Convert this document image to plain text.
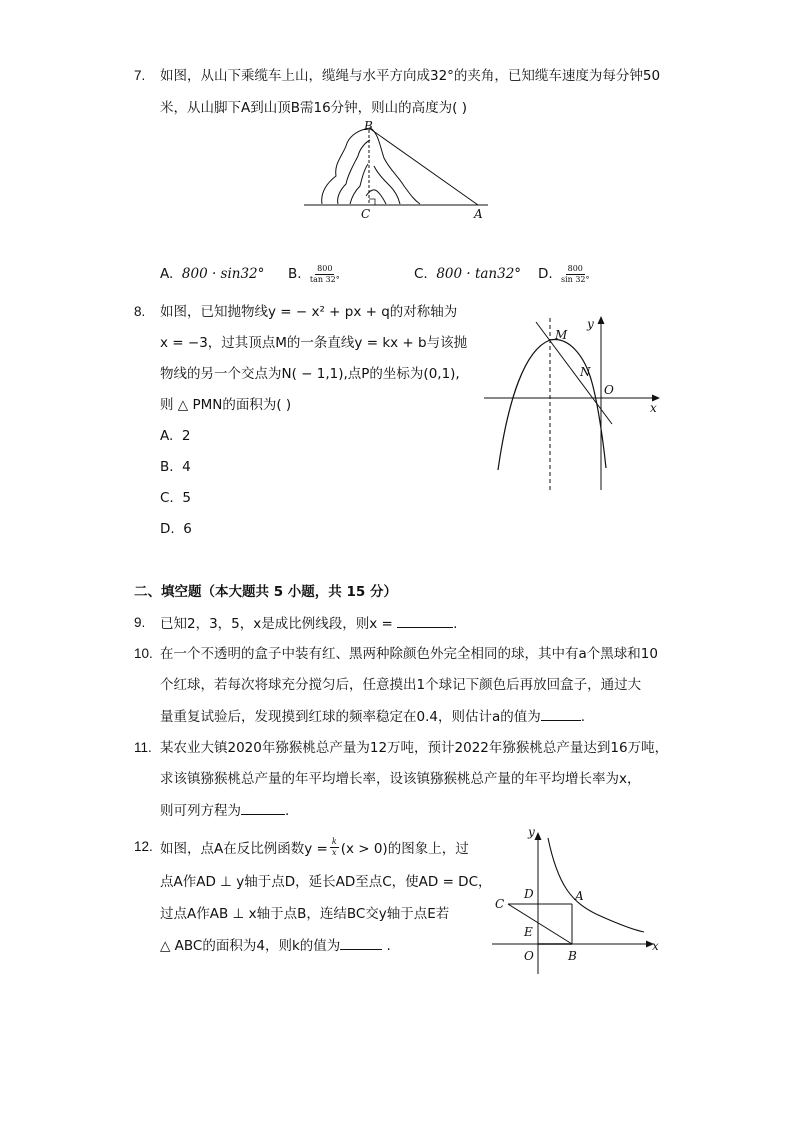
7. 如图，从山下乘缆车上山，缆绳与水平方向成32°的夹角，已知缆车速度为每分钟50
米，从山脚下A到山顶B需16分钟，则山的高度为( )
B
C	A
A. 800 · sin32° B.
$\frac{800}{\tan 32^\circ}$	C. 800 · tan32° D.
$\frac{800}{\sin 32^\circ}$
8. 如图，已知抛物线y = − x² + px + q的对称轴为
x = −3，过其顶点M的一条直线y = kx + b与该抛
物线的另一个交点为N( − 1,1),点P的坐标为(0,1),
则 △ PMN的面积为( )
A. 2
B. 4
C. 5
D. 6
M
N
O
y
x
二、填空题（本大题共 5 小题，共 15 分）
9. 已知2，3，5，x是成比例线段，则x =	.
10. 在一个不透明的盒子中装有红、黑两种除颜色外完全相同的球，其中有a个黑球和10
个红球，若每次将球充分搅匀后，任意摸出1个球记下颜色后再放回盒子，通过大
量重复试验后，发现摸到红球的频率稳定在0.4，则估计a的值为	.
11. 某农业大镇2020年猕猴桃总产量为12万吨，预计2022年猕猴桃总产量达到16万吨，
求该镇猕猴桃总产量的年平均增长率，设该镇猕猴桃总产量的年平均增长率为x，
则可列方程为	.
12. 如图，点A在反比例函数$y = \frac{k}{x} (x > 0)$的图象上，过
点A作AD ⊥ y轴于点D，延长AD至点C，使AD = DC，
过点A作AB ⊥ x轴于点B，连结BC交y轴于点E若
△ ABC的面积为4，则k的值为	.
y
D	A
C
E
O	B
x
